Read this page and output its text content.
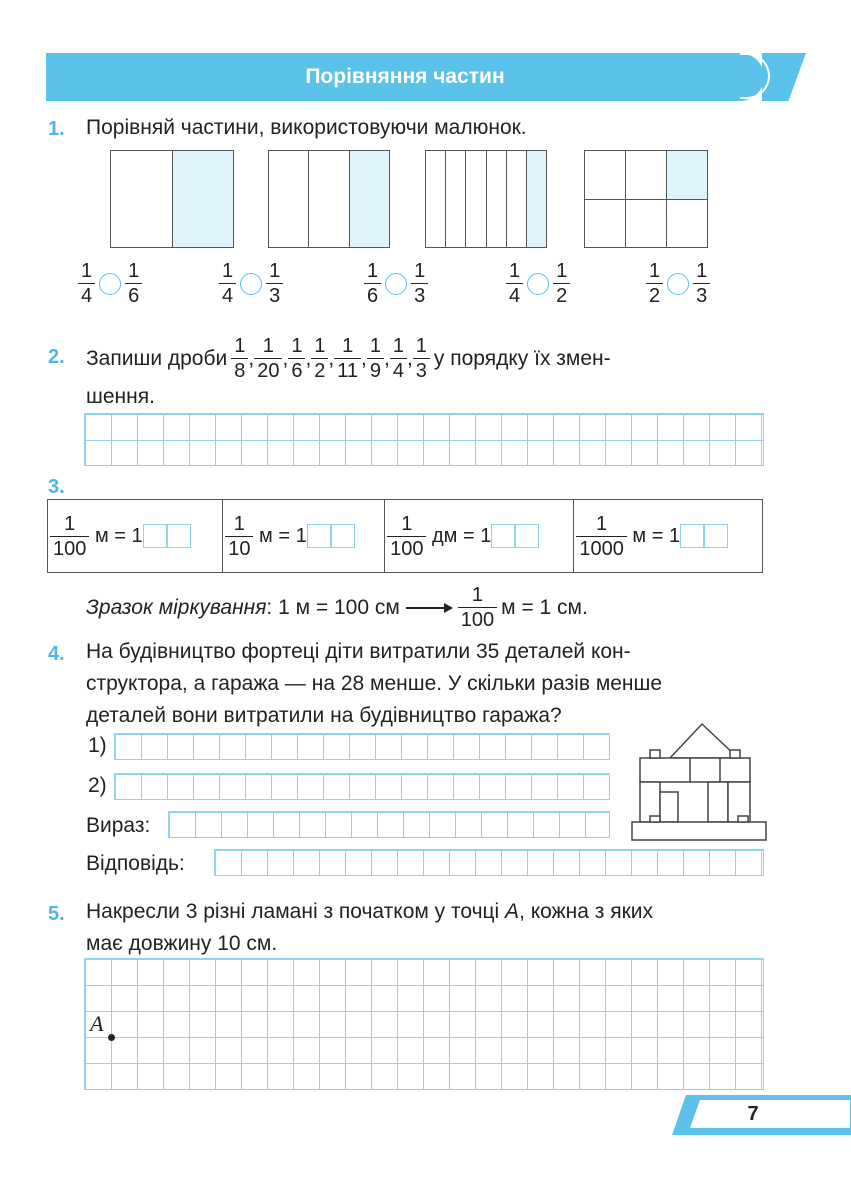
Порівняння частин
1. Порівняй частини, використовуючи малюнок.
$\frac{1}{4} \frac{1}{6}$	$\frac{1}{4} \frac{1}{3}$	$\frac{1}{6} \frac{1}{3}$	$\frac{1}{4} \frac{1}{2}$	$\frac{1}{2} \frac{1}{3}$
2. Запиши дроби $\frac{1}{8}$ , $\frac{1}{20}$ , $\frac{1}{6}$ , $\frac{1}{2}$ , $\frac{1}{11}$ , $\frac{1}{9}$ , $\frac{1}{4}$ , $\frac{1}{3}$ у порядку їх змен-
шення.
3.
$\frac{1}{100}$ м = 1	$\frac{1}{10}$ м = 1	$\frac{1}{100}$ дм = 1	$\frac{1}{1000}$ м = 1
Зразок міркування : 1 м = 100 см	$\frac{1}{100}$ м = 1 см.
4. На будівництво фортеці діти витратили 35 деталей кон-
структора, а гаража — на 28 менше. У скільки разів менше
деталей вони витратили на будівництво гаража?
1)
2)
Вираз:
Відповідь:
5. Накресли 3 різні ламані з початком у точці A, кожна з яких
має довжину 10 см.
A
7
